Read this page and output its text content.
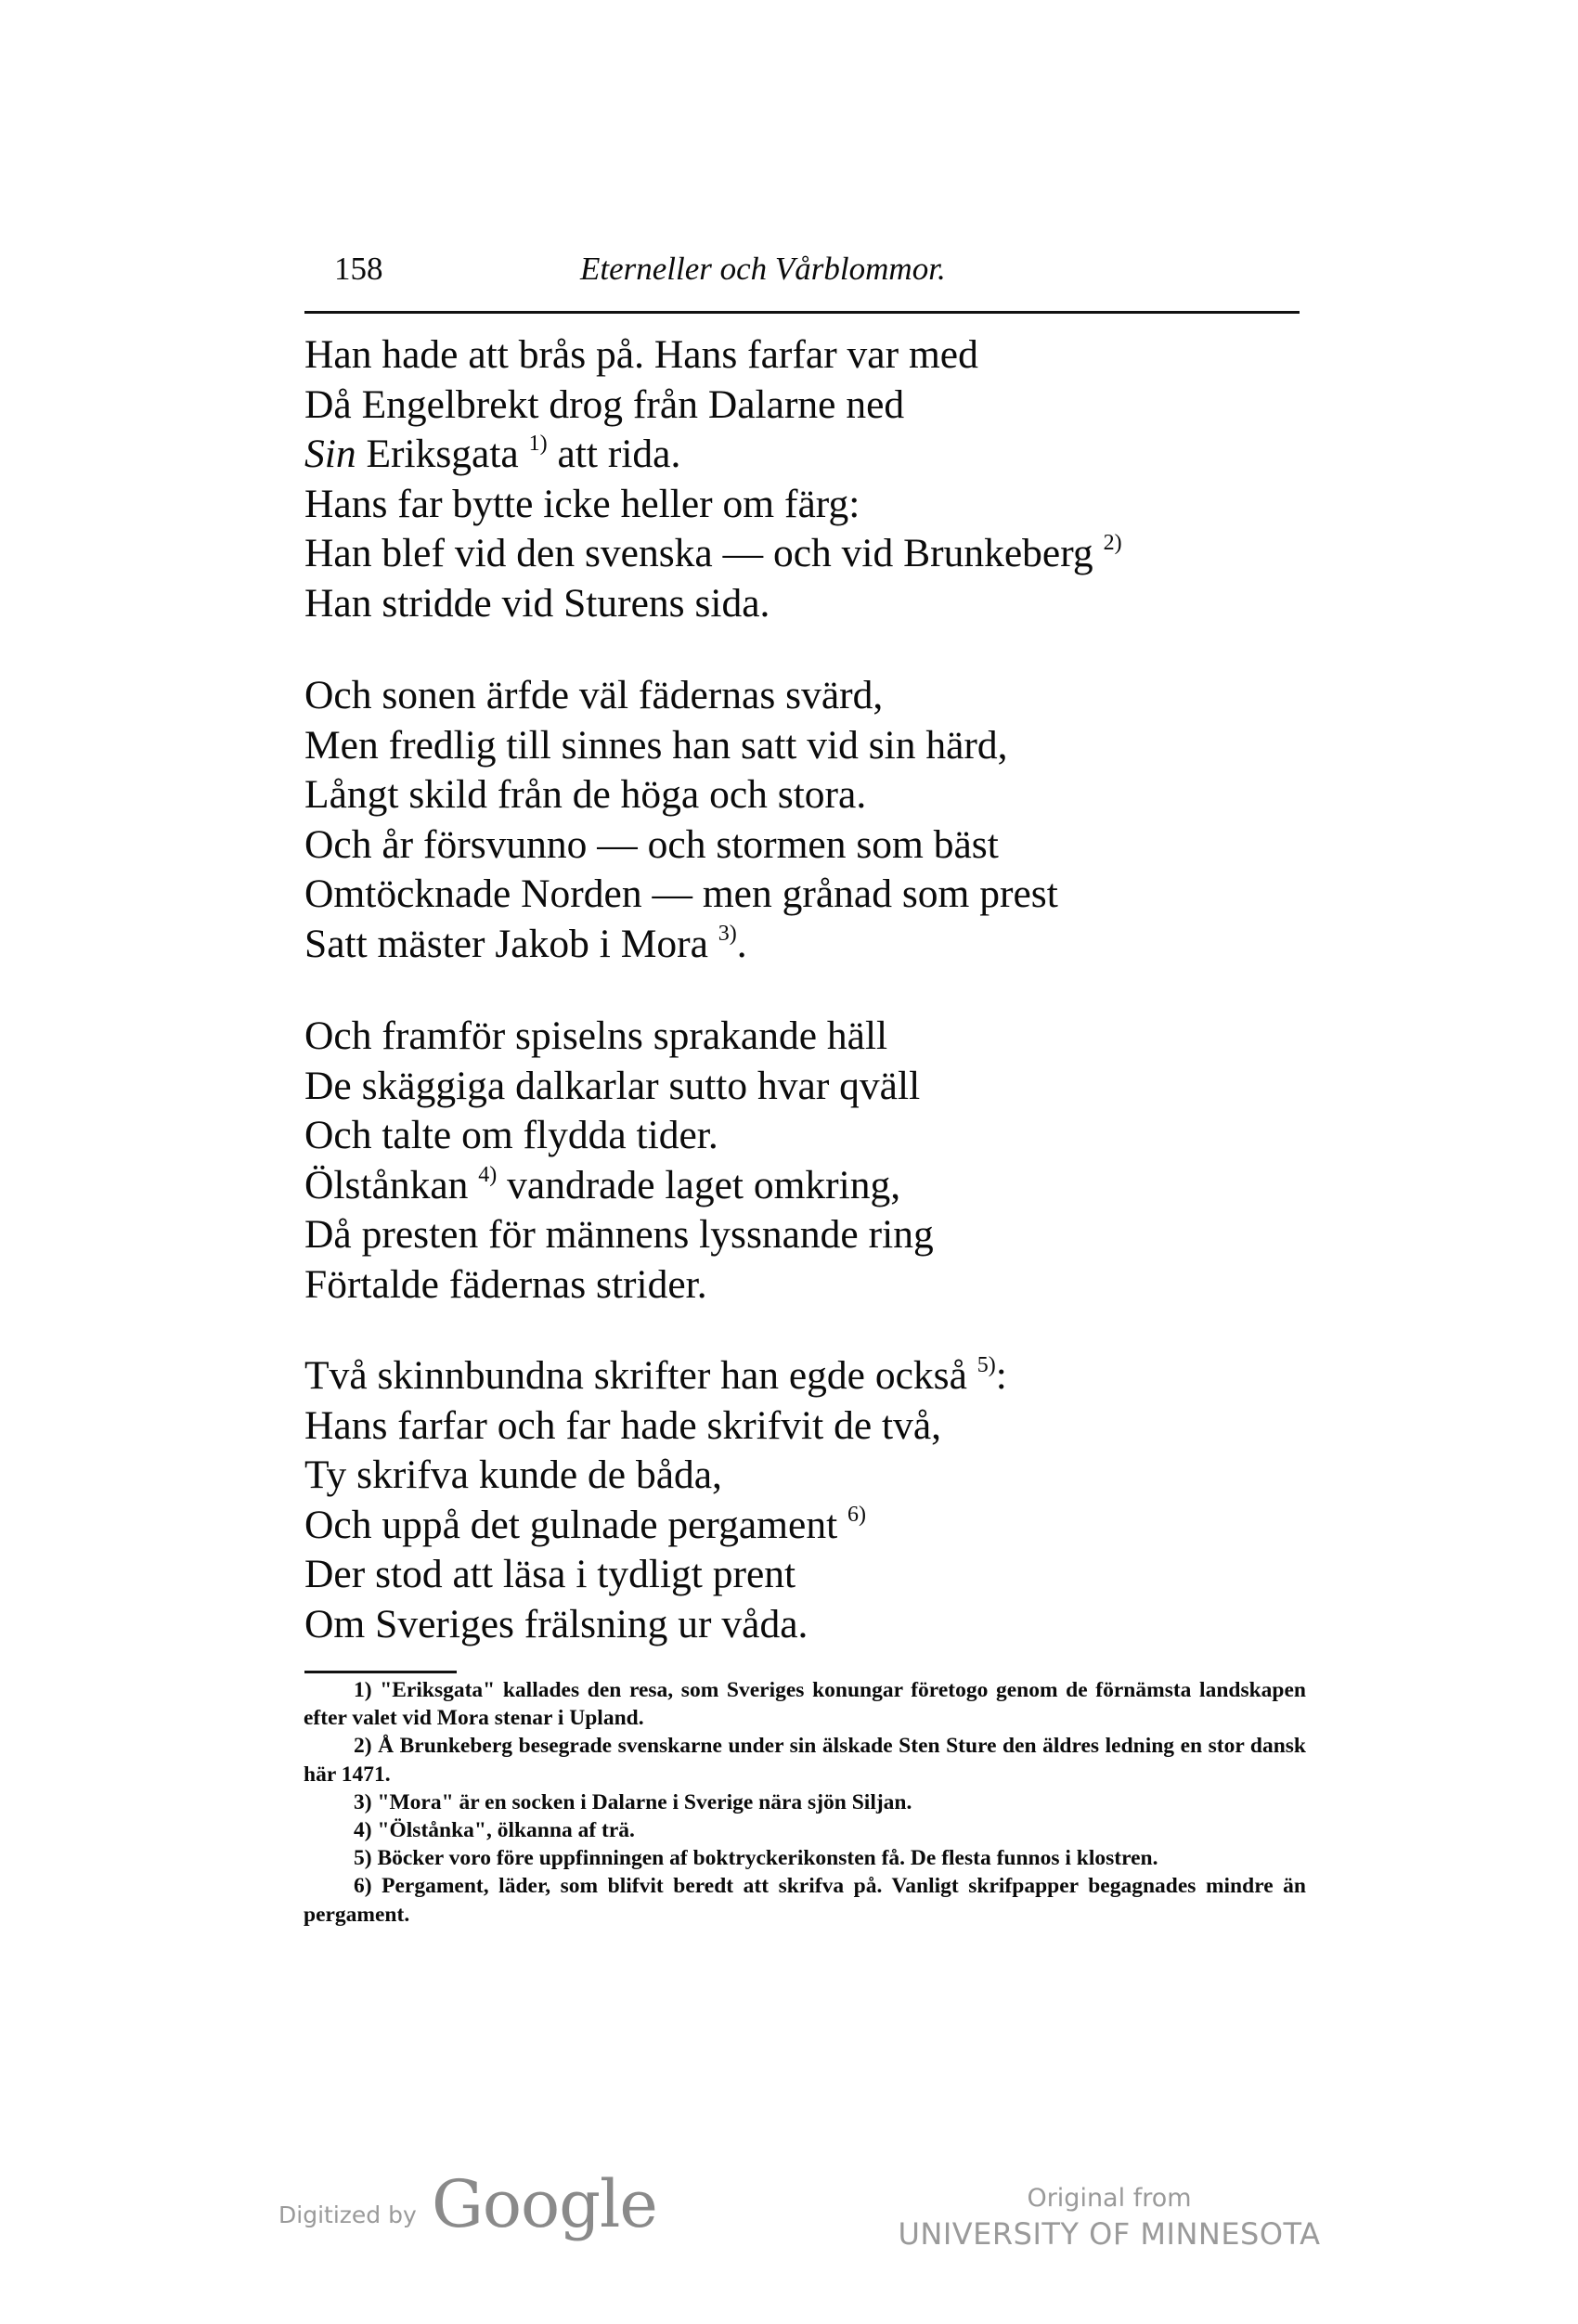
158	Eterneller och Vårblommor.
Han hade att brås på. Hans farfar var med
Då Engelbrekt drog från Dalarne ned
Sin Eriksgata $^{1)}$ att rida.
Hans far bytte icke heller om färg:
Han blef vid den svenska — och vid Brunkeberg $^{2)}$
Han stridde vid Sturens sida.
Och sonen ärfde väl fädernas svärd,
Men fredlig till sinnes han satt vid sin härd,
Långt skild från de höga och stora.
Och år försvunno — och stormen som bäst
Omtöcknade Norden — men grånad som prest
Satt mäster Jakob i Mora $^{3)}$.
Och framför spiselns sprakande häll
De skäggiga dalkarlar sutto hvar qväll
Och talte om flydda tider.
Ölstånkan $^{4)}$ vandrade laget omkring,
Då presten för männens lyssnande ring
Förtalde fädernas strider.
Två skinnbundna skrifter han egde också $^{5)}$:
Hans farfar och far hade skrifvit de två,
Ty skrifva kunde de båda,
Och uppå det gulnade pergament $^{6)}$
Der stod att läsa i tydligt prent
Om Sveriges frälsning ur våda.
1) "Eriksgata" kallades den resa, som Sveriges konungar företogo genom de förnämsta landskapen efter valet vid Mora stenar i Upland.
2) Å Brunkeberg besegrade svenskarne under sin älskade Sten Sture den äldres ledning en stor dansk här 1471.
3) "Mora" är en socken i Dalarne i Sverige nära sjön Siljan.
4) "Ölstånka", ölkanna af trä.
5) Böcker voro före uppfinningen af boktryckerikonsten få. De flesta funnos i klostren.
6) Pergament, läder, som blifvit beredt att skrifva på. Vanligt skrifpapper begagnades mindre än pergament.
Digitized by Google	Original from
UNIVERSITY OF MINNESOTA
